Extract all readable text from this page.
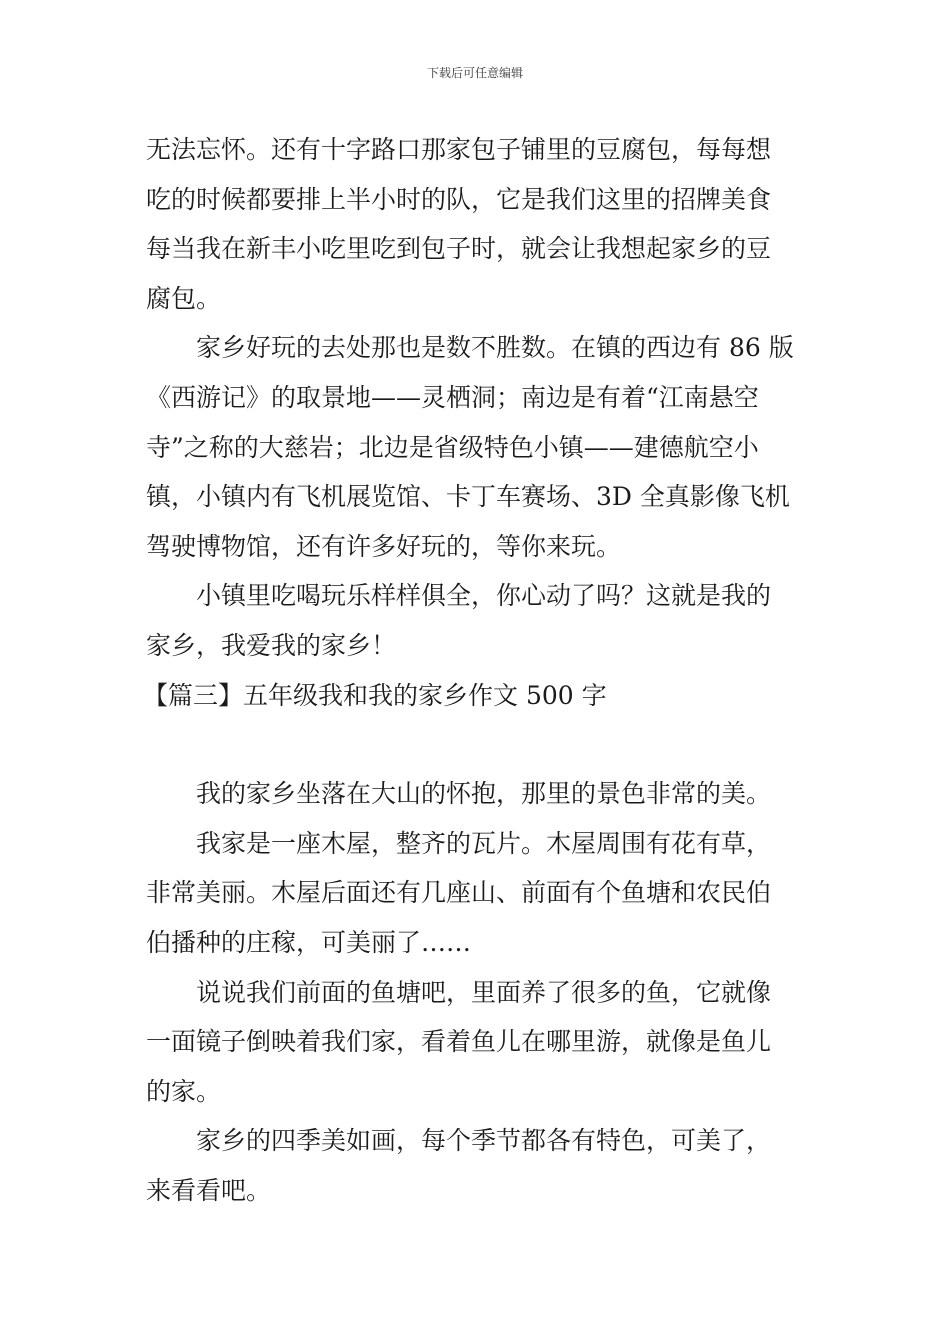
下载后可任意编辑
无法忘怀。还有十字路口那家包子铺里的豆腐包，每每想
吃的时候都要排上半小时的队，它是我们这里的招牌美食
每当我在新丰小吃里吃到包子时，就会让我想起家乡的豆
腐包。
家乡好玩的去处那也是数不胜数。在镇的西边有 86 版
《西游记》的取景地——灵栖洞；南边是有着“江南悬空
寺”之称的大慈岩；北边是省级特色小镇——建德航空小
镇，小镇内有飞机展览馆、卡丁车赛场、3D 全真影像飞机
驾驶博物馆，还有许多好玩的，等你来玩。
小镇里吃喝玩乐样样俱全，你心动了吗？这就是我的
家乡，我爱我的家乡！
【篇三】五年级我和我的家乡作文 500 字
我的家乡坐落在大山的怀抱，那里的景色非常的美。
我家是一座木屋，整齐的瓦片。木屋周围有花有草，
非常美丽。木屋后面还有几座山、前面有个鱼塘和农民伯
伯播种的庄稼，可美丽了……
说说我们前面的鱼塘吧，里面养了很多的鱼，它就像
一面镜子倒映着我们家，看着鱼儿在哪里游，就像是鱼儿
的家。
家乡的四季美如画，每个季节都各有特色，可美了，
来看看吧。
